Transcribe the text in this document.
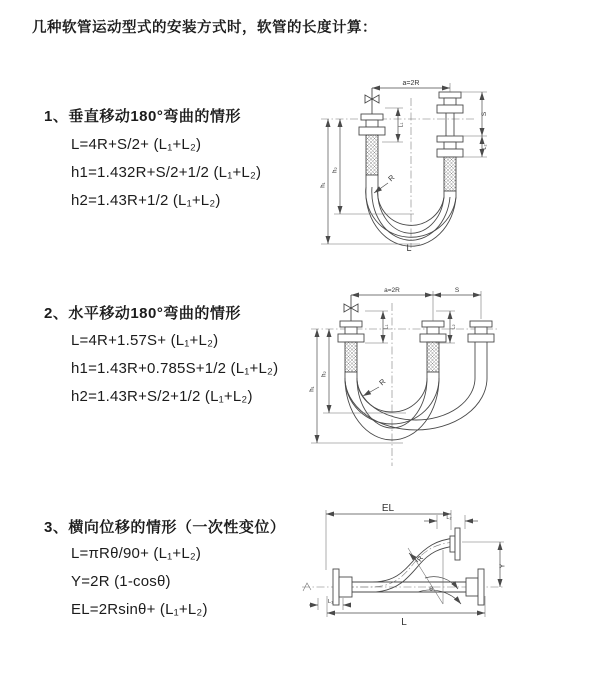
几种软管运动型式的安装方式时，软管的长度计算：
1、垂直移动180°弯曲的情形
L=4R+S/2+ (L₁+L₂)
h1=1.432R+S/2+1/2 (L₁+L₂)
h2=1.43R+1/2 (L₁+L₂)
2、水平移动180°弯曲的情形
L=4R+1.57S+ (L₁+L₂)
h1=1.43R+0.785S+1/2 (L₁+L₂)
h2=1.43R+S/2+1/2 (L₁+L₂)
3、横向位移的情形（一次性变位）
L=πRθ/90+ (L₁+L₂)
Y=2R (1-cosθ)
EL=2Rsinθ+ (L₁+L₂)
a=2R
h₁
h₂
L₁
S
L₂
R
L
a=2R	S
h₁
h₂
L₁	L₂
R
θ
EL
L₂
Y
L
L₁
R
